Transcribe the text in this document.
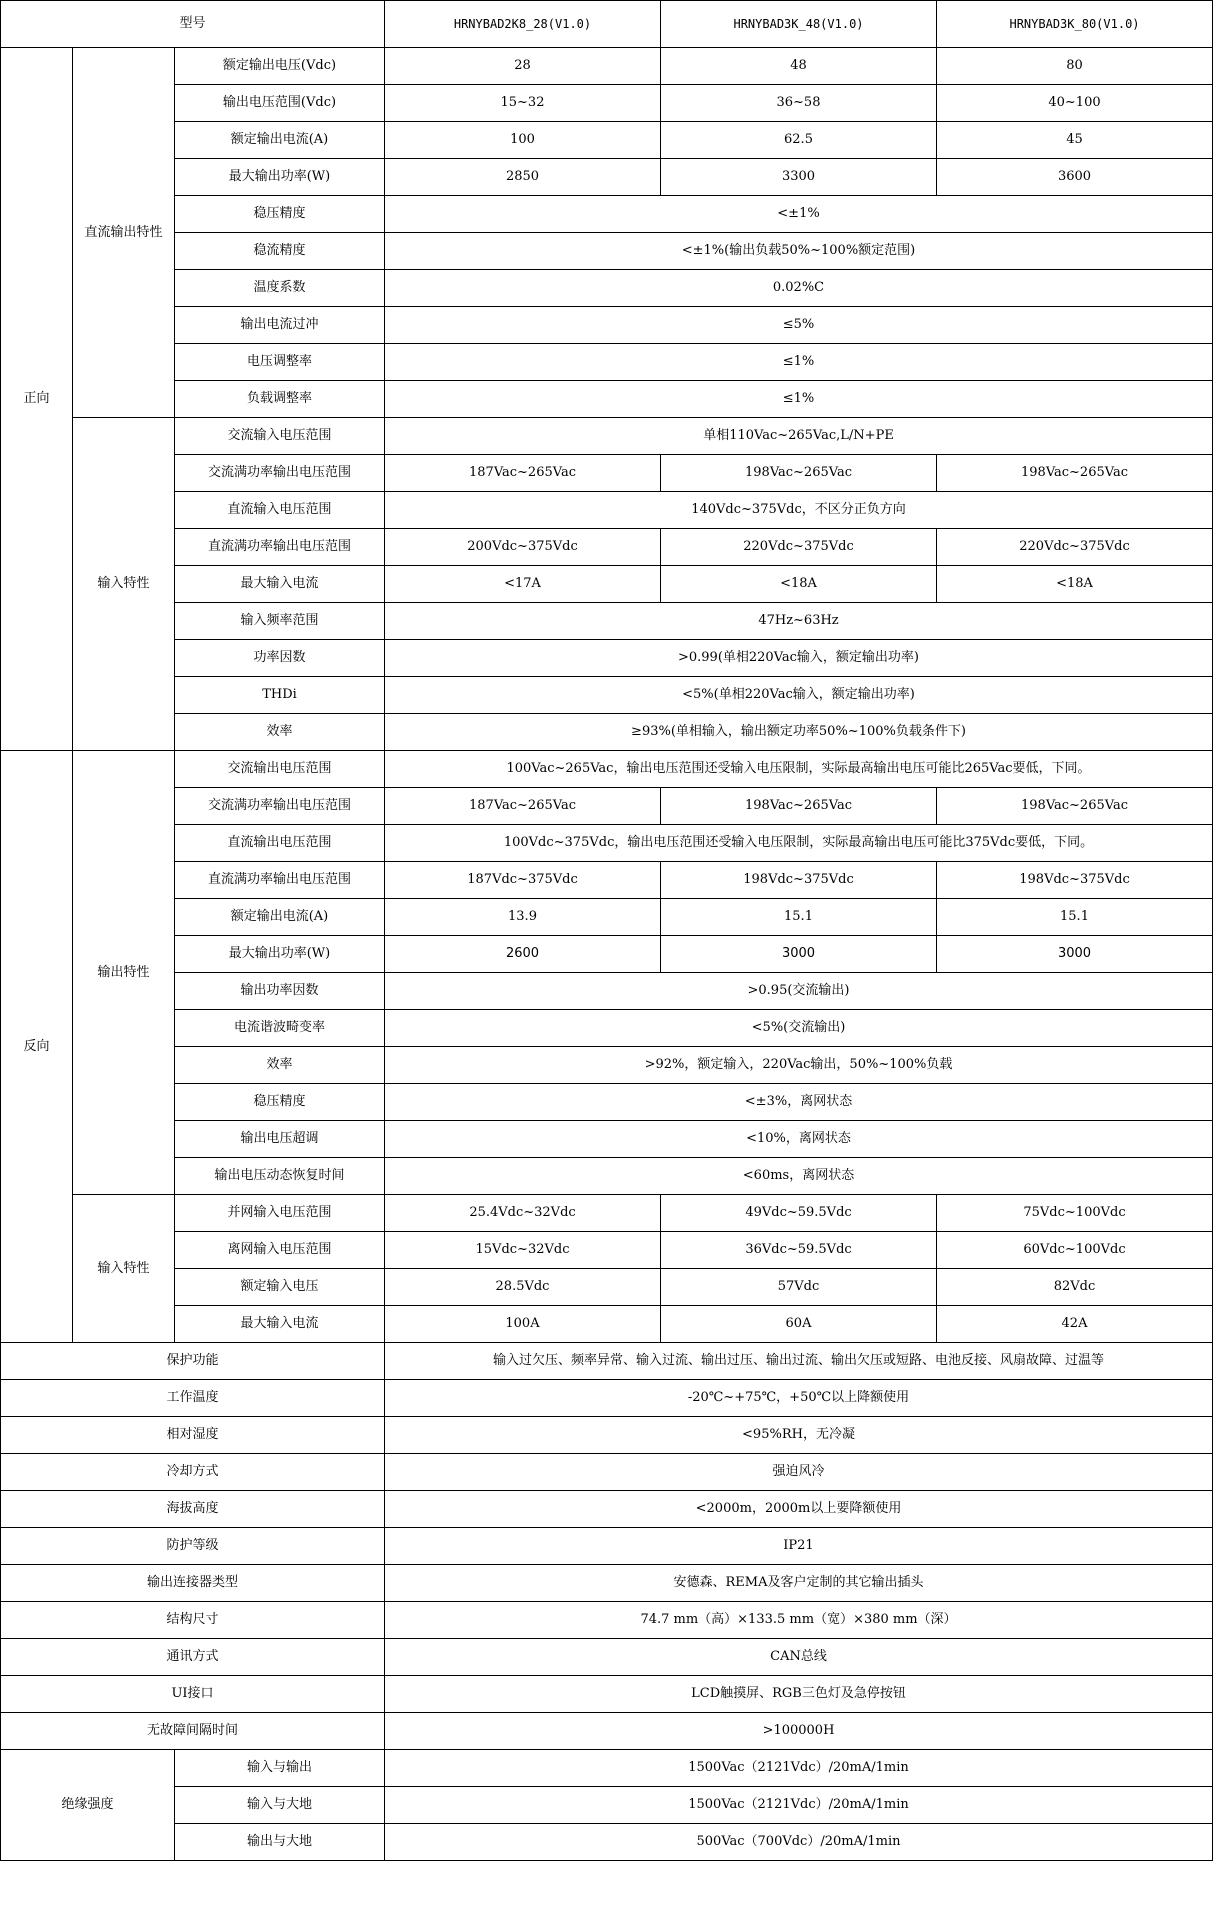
型号			HRNYBAD2K8_28(V1.0)	HRNYBAD3K_48(V1.0)	HRNYBAD3K_80(V1.0)
正向	直流输出特性	额定输出电压(Vdc)	28	48	80
		输出电压范围(Vdc)	15~32	36~58	40~100
		额定输出电流(A)	100	62.5	45
		最大输出功率(W)	2850	3300	3600
		稳压精度	<±1%		
		稳流精度	<±1%(输出负载50%~100%额定范围)		
		温度系数	0.02%C		
		输出电流过冲	≤5%		
		电压调整率	≤1%		
		负载调整率	≤1%		
	输入特性	交流输入电压范围	单相110Vac~265Vac,L/N+PE		
		交流满功率输出电压范围	187Vac~265Vac	198Vac~265Vac	198Vac~265Vac
		直流输入电压范围	140Vdc~375Vdc，不区分正负方向		
		直流满功率输出电压范围	200Vdc~375Vdc	220Vdc~375Vdc	220Vdc~375Vdc
		最大输入电流	<17A	<18A	<18A
		输入频率范围	47Hz~63Hz		
		功率因数	>0.99(单相220Vac输入，额定输出功率)		
		THDi	<5%(单相220Vac输入，额定输出功率)		
		效率	≥93%(单相输入，输出额定功率50%~100%负载条件下)		
反向	输出特性	交流输出电压范围	100Vac~265Vac，输出电压范围还受输入电压限制，实际最高输出电压可能比265Vac要低，下同。		
		交流满功率输出电压范围	187Vac~265Vac	198Vac~265Vac	198Vac~265Vac
		直流输出电压范围	100Vdc~375Vdc，输出电压范围还受输入电压限制，实际最高输出电压可能比375Vdc要低，下同。		
		直流满功率输出电压范围	187Vdc~375Vdc	198Vdc~375Vdc	198Vdc~375Vdc
		额定输出电流(A)	13.9	15.1	15.1
		最大输出功率(W)	2600	3000	3000
		输出功率因数	>0.95(交流输出)		
		电流谐波畸变率	<5%(交流输出)		
		效率	>92%，额定输入，220Vac输出，50%~100%负载		
		稳压精度	<±3%，离网状态		
		输出电压超调	<10%，离网状态		
		输出电压动态恢复时间	<60ms，离网状态		
	输入特性	并网输入电压范围	25.4Vdc~32Vdc	49Vdc~59.5Vdc	75Vdc~100Vdc
		离网输入电压范围	15Vdc~32Vdc	36Vdc~59.5Vdc	60Vdc~100Vdc
		额定输入电压	28.5Vdc	57Vdc	82Vdc
		最大输入电流	100A	60A	42A
保护功能			输入过欠压、频率异常、输入过流、输出过压、输出过流、输出欠压或短路、电池反接、风扇故障、过温等		
工作温度			-20℃~+75℃，+50℃以上降额使用		
相对湿度			<95%RH，无冷凝		
冷却方式			强迫风冷		
海拔高度			<2000m，2000m以上要降额使用		
防护等级			IP21		
输出连接器类型			安德森、REMA及客户定制的其它输出插头		
结构尺寸			74.7 mm（高）×133.5 mm（宽）×380 mm（深）		
通讯方式			CAN总线		
UI接口			LCD触摸屏、RGB三色灯及急停按钮		
无故障间隔时间			>100000H		
绝缘强度		输入与输出	1500Vac（2121Vdc）/20mA/1min		
		输入与大地	1500Vac（2121Vdc）/20mA/1min		
		输出与大地	500Vac（700Vdc）/20mA/1min		
